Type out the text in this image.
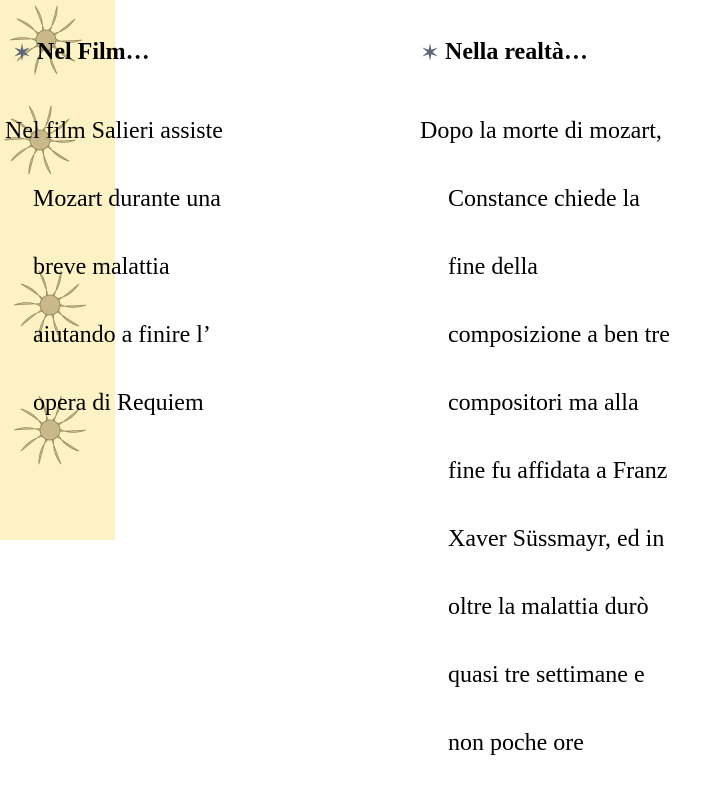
Nel Film…

Nel film Salieri assiste

Mozart durante una

breve malattia

aiutando a finire l’

opera di Requiem

Nella realtà…

Dopo la morte di mozart,

Constance chiede la

fine della

composizione a ben tre

compositori ma alla

fine fu affidata a Franz

Xaver Süssmayr, ed in

oltre la malattia durò

quasi tre settimane e

non poche ore
